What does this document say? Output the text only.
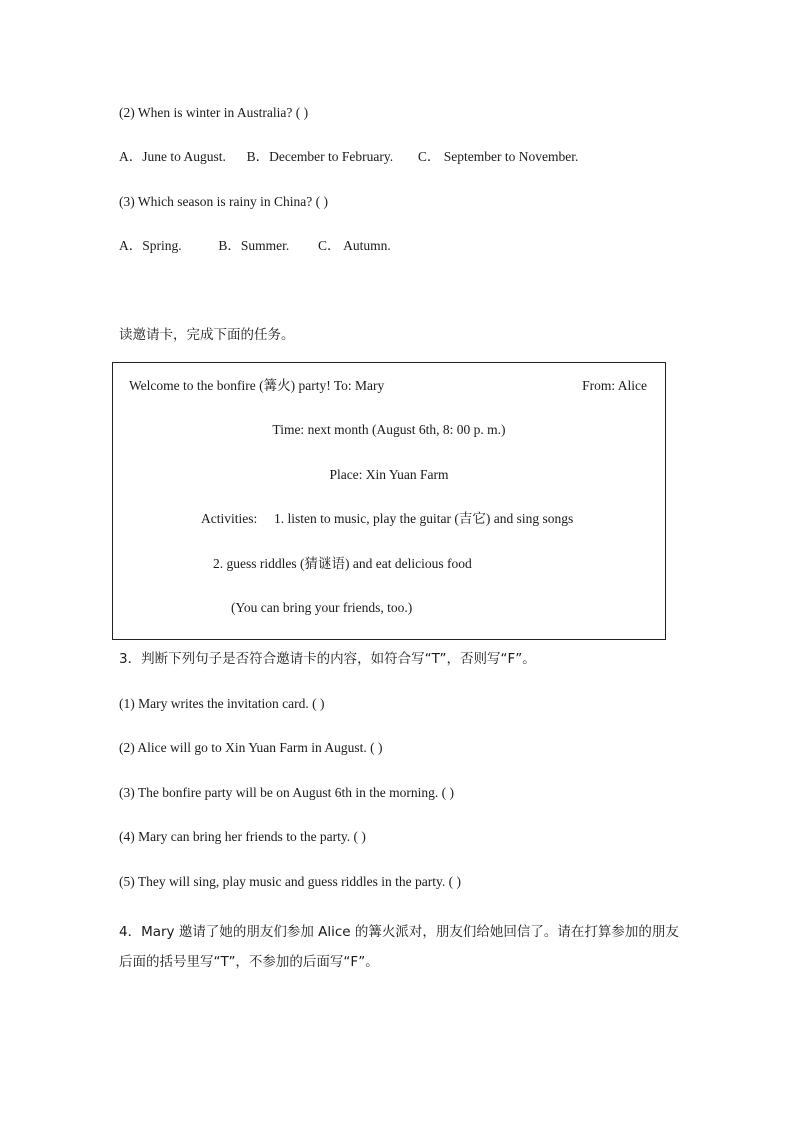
(2) When is winter in Australia? ( )
A．June to August. B．December to February. C． September to November.
(3) Which season is rainy in China? ( )
A．Spring.	B．Summer. C． Autumn.
读邀请卡，完成下面的任务。
Welcome to the bonfire (篝火) party! To: Mary	From: Alice
Time: next month (August 6th, 8: 00 p. m.)
Place: Xin Yuan Farm
Activities: 1. listen to music, play the guitar (吉它) and sing songs
2. guess riddles (猜谜语) and eat delicious food
(You can bring your friends, too.)
3．判断下列句子是否符合邀请卡的内容，如符合写“T”，否则写“F”。
(1) Mary writes the invitation card. ( )
(2) Alice will go to Xin Yuan Farm in August. ( )
(3) The bonfire party will be on August 6th in the morning. ( )
(4) Mary can bring her friends to the party. ( )
(5) They will sing, play music and guess riddles in the party. ( )
4．Mary 邀请了她的朋友们参加 Alice 的篝火派对，朋友们给她回信了。请在打算参加的朋友后面的括号里写“T”，不参加的后面写“F”。
